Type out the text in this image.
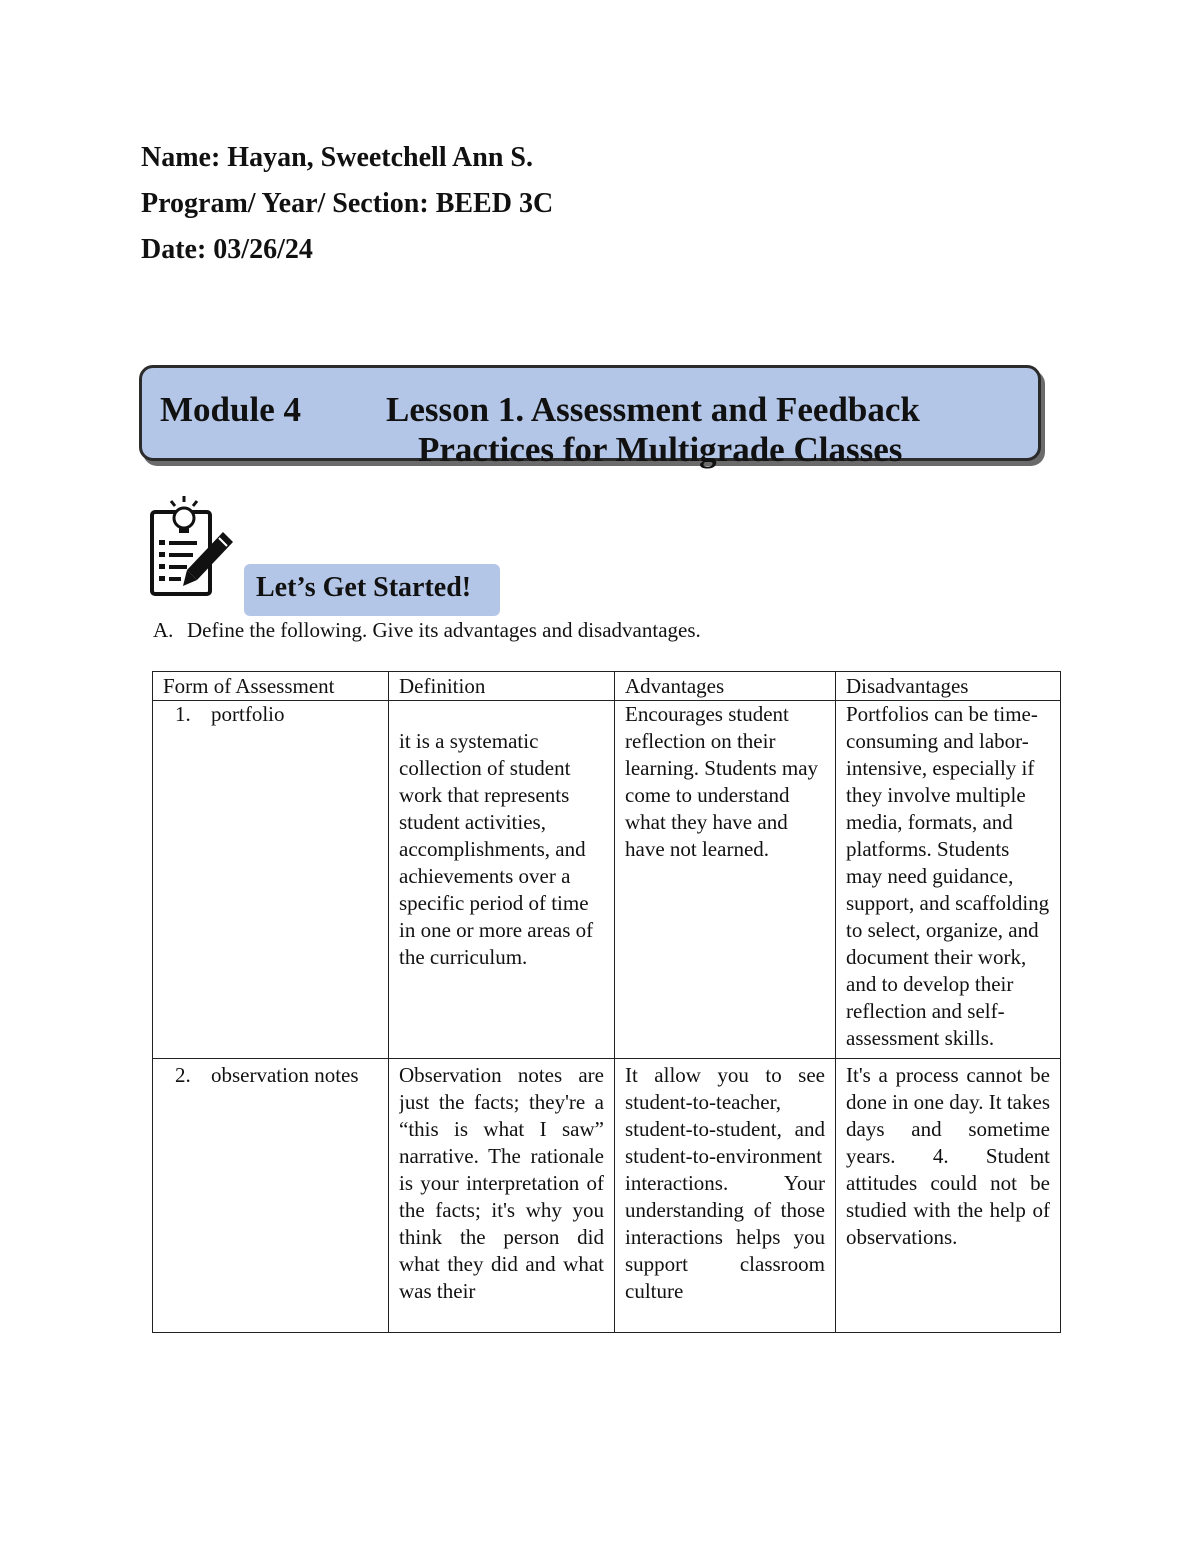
Name: Hayan, Sweetchell Ann S.
Program/ Year/ Section: BEED 3C
Date: 03/26/24
Module 4 Lesson 1. Assessment and Feedback
Practices for Multigrade Classes
Let’s Get Started!
A. Define the following. Give its advantages and disadvantages.
Form of Assessment	Definition	Advantages	Disadvantages
1. portfolio	it is a systematic collection of student work that represents student activities, accomplishments, and achievements over a specific period of time in one or more areas of the curriculum.	Encourages student reflection on their learning. Students may come to understand what they have and have not learned.	Portfolios can be time-consuming and labor-intensive, especially if they involve multiple media, formats, and platforms. Students may need guidance, support, and scaffolding to select, organize, and document their work, and to develop their reflection and self-assessment skills.
2. observation notes	Observation notes are just the facts; they're a “this is what I saw” narrative. The rationale is your interpretation of the facts; it's why you think the person did what they did and what was their	It allow you to see student-to-teacher, student-to-student, and student-to-environment interactions. Your understanding of those interactions helps you support classroom culture	It's a process cannot be done in one day. It takes days and sometime years. 4. Student attitudes could not be studied with the help of observations.
